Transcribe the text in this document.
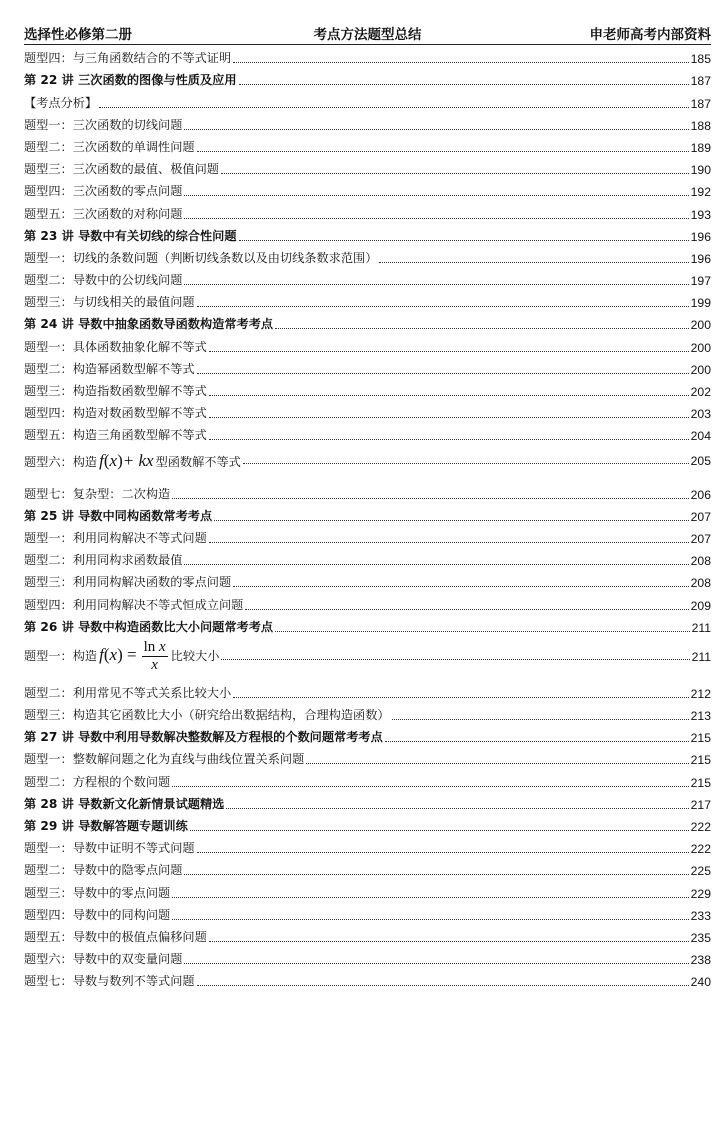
选择性必修第二册	考点方法题型总结	申老师高考内部资料
题型四：与三角函数结合的不等式证明	185
第 22 讲 三次函数的图像与性质及应用	187
【考点分析】	187
题型一：三次函数的切线问题	188
题型二：三次函数的单调性问题	189
题型三：三次函数的最值、极值问题	190
题型四：三次函数的零点问题	192
题型五：三次函数的对称问题	193
第 23 讲 导数中有关切线的综合性问题	196
题型一：切线的条数问题（判断切线条数以及由切线条数求范围）	196
题型二：导数中的公切线问题	197
题型三：与切线相关的最值问题	199
第 24 讲 导数中抽象函数导函数构造常考考点	200
题型一：具体函数抽象化解不等式	200
题型二：构造幂函数型解不等式	200
题型三：构造指数函数型解不等式	202
题型四：构造对数函数型解不等式	203
题型五：构造三角函数型解不等式	204
题型六：构造 f(x)+ kx 型函数解不等式	205
题型七：复杂型：二次构造	206
第 25 讲 导数中同构函数常考考点	207
题型一：利用同构解决不等式问题	207
题型二：利用同构求函数最值	208
题型三：利用同构解决函数的零点问题	208
题型四：利用同构解决不等式恒成立问题	209
第 26 讲 导数中构造函数比大小问题常考考点	211
题型一：构造 $f(x) = \frac{\text{ln x}}{x}$ 比较大小	211
题型二：利用常见不等式关系比较大小	212
题型三：构造其它函数比大小（研究给出数据结构，合理构造函数）	213
第 27 讲 导数中利用导数解决整数解及方程根的个数问题常考考点	215
题型一：整数解问题之化为直线与曲线位置关系问题	215
题型二：方程根的个数问题	215
第 28 讲 导数新文化新情景试题精选	217
第 29 讲 导数解答题专题训练	222
题型一：导数中证明不等式问题	222
题型二：导数中的隐零点问题	225
题型三：导数中的零点问题	229
题型四：导数中的同构问题	233
题型五：导数中的极值点偏移问题	235
题型六：导数中的双变量问题	238
题型七：导数与数列不等式问题	240
